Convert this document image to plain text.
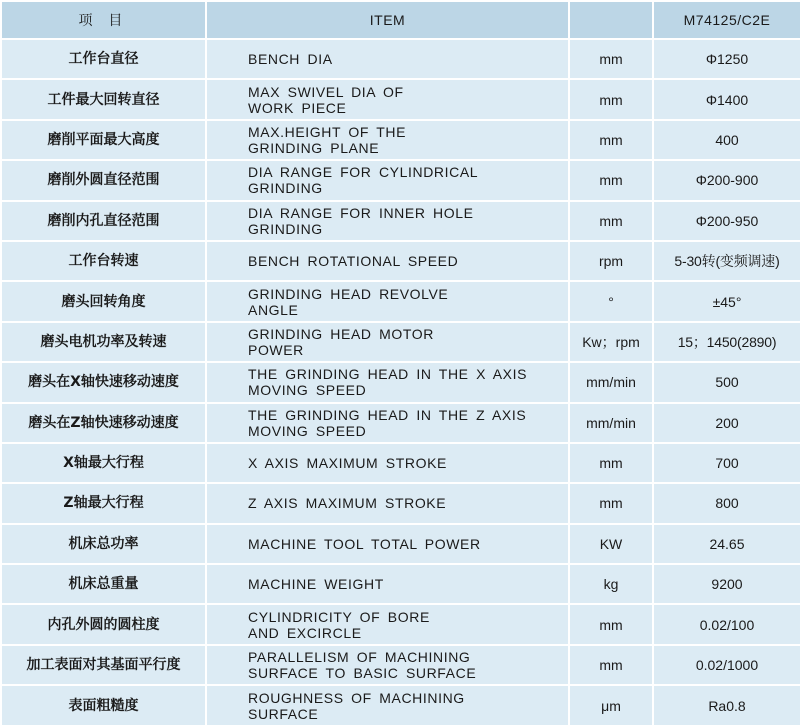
项 目	ITEM		M74125/C2E
工作台直径	BENCH DIA	mm	Φ1250
工件最大回转直径	MAX SWIVEL DIA OF
WORK PIECE	mm	Φ1400
磨削平面最大高度	MAX.HEIGHT OF THE
GRINDING PLANE	mm	400
磨削外圆直径范围	DIA RANGE FOR CYLINDRICAL
GRINDING	mm	Φ200-900
磨削内孔直径范围	DIA RANGE FOR INNER HOLE
GRINDING	mm	Φ200-950
工作台转速	BENCH ROTATIONAL SPEED	rpm	5-30转(变频调速)
磨头回转角度	GRINDING HEAD REVOLVE
ANGLE	°	±45°
磨头电机功率及转速	GRINDING HEAD MOTOR
POWER	Kw；rpm	15；1450(2890)
磨头在X轴快速移动速度	THE GRINDING HEAD IN THE X AXIS
MOVING SPEED	mm/min	500
磨头在Z轴快速移动速度	THE GRINDING HEAD IN THE Z AXIS
MOVING SPEED	mm/min	200
X轴最大行程	X AXIS MAXIMUM STROKE	mm	700
Z轴最大行程	Z AXIS MAXIMUM STROKE	mm	800
机床总功率	MACHINE TOOL TOTAL POWER	KW	24.65
机床总重量	MACHINE WEIGHT	kg	9200
内孔外圆的圆柱度	CYLINDRICITY OF BORE
AND EXCIRCLE	mm	0.02/100
加工表面对其基面平行度	PARALLELISM OF MACHINING
SURFACE TO BASIC SURFACE	mm	0.02/1000
表面粗糙度	ROUGHNESS OF MACHINING
SURFACE	μm	Ra0.8
